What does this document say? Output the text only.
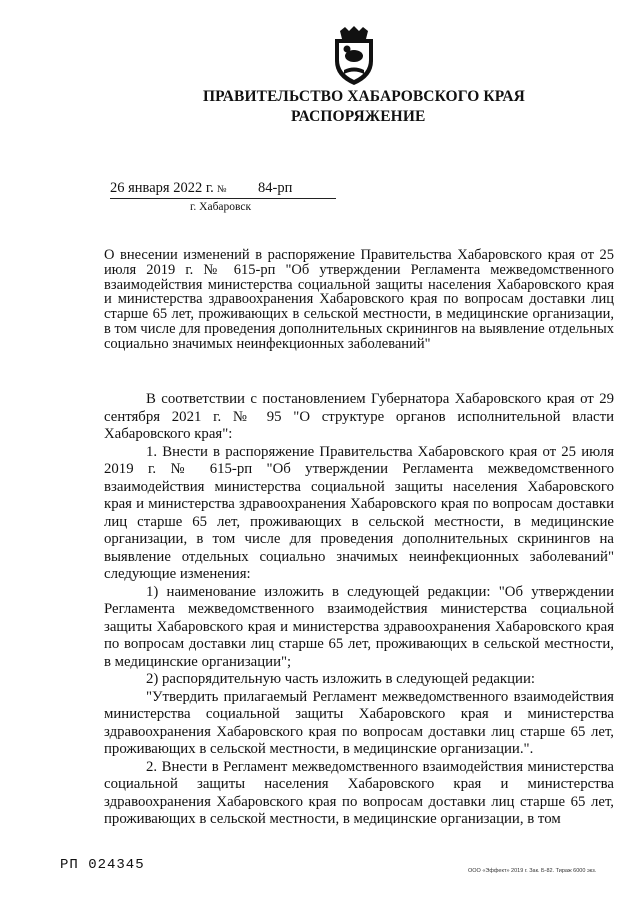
ПРАВИТЕЛЬСТВО ХАБАРОВСКОГО КРАЯ
РАСПОРЯЖЕНИЕ
26 января 2022 г. № 84-рп
г. Хабаровск

О внесении изменений в распоряжение Правительства Хабаровского края от 25 июля 2019 г. № 615-рп "Об утверждении Регламента межведомственного взаимодействия министерства социальной защиты населения Хабаровского края и министерства здравоохранения Хабаровского края по вопросам доставки лиц старше 65 лет, проживающих в сельской местности, в медицинские организации, в том числе для проведения дополнительных скринингов на выявление отдельных социально значимых неинфекционных заболеваний"

В соответствии с постановлением Губернатора Хабаровского края от 29 сентября 2021 г. № 95 "О структуре органов исполнительной власти Хабаровского края":

1. Внести в распоряжение Правительства Хабаровского края от 25 июля 2019 г. № 615-рп "Об утверждении Регламента межведомственного взаимодействия министерства социальной защиты населения Хабаровского края и министерства здравоохранения Хабаровского края по вопросам доставки лиц старше 65 лет, проживающих в сельской местности, в медицинские организации, в том числе для проведения дополнительных скринингов на выявление отдельных социально значимых неинфекционных заболеваний" следующие изменения:

1) наименование изложить в следующей редакции: "Об утверждении Регламента межведомственного взаимодействия министерства социальной защиты Хабаровского края и министерства здравоохранения Хабаровского края по вопросам доставки лиц старше 65 лет, проживающих в сельской местности, в медицинские организации";

2) распорядительную часть изложить в следующей редакции:

"Утвердить прилагаемый Регламент межведомственного взаимодействия министерства социальной защиты Хабаровского края и министерства здравоохранения Хабаровского края по вопросам доставки лиц старше 65 лет, проживающих в сельской местности, в медицинские организации.".

2. Внести в Регламент межведомственного взаимодействия министерства социальной защиты населения Хабаровского края и министерства здравоохранения Хабаровского края по вопросам доставки лиц старше 65 лет, проживающих в сельской местности, в медицинские организации, в том

РП 024345	ООО «Эффект» 2019 г. Зак. Б-82. Тираж 6000 экз.
